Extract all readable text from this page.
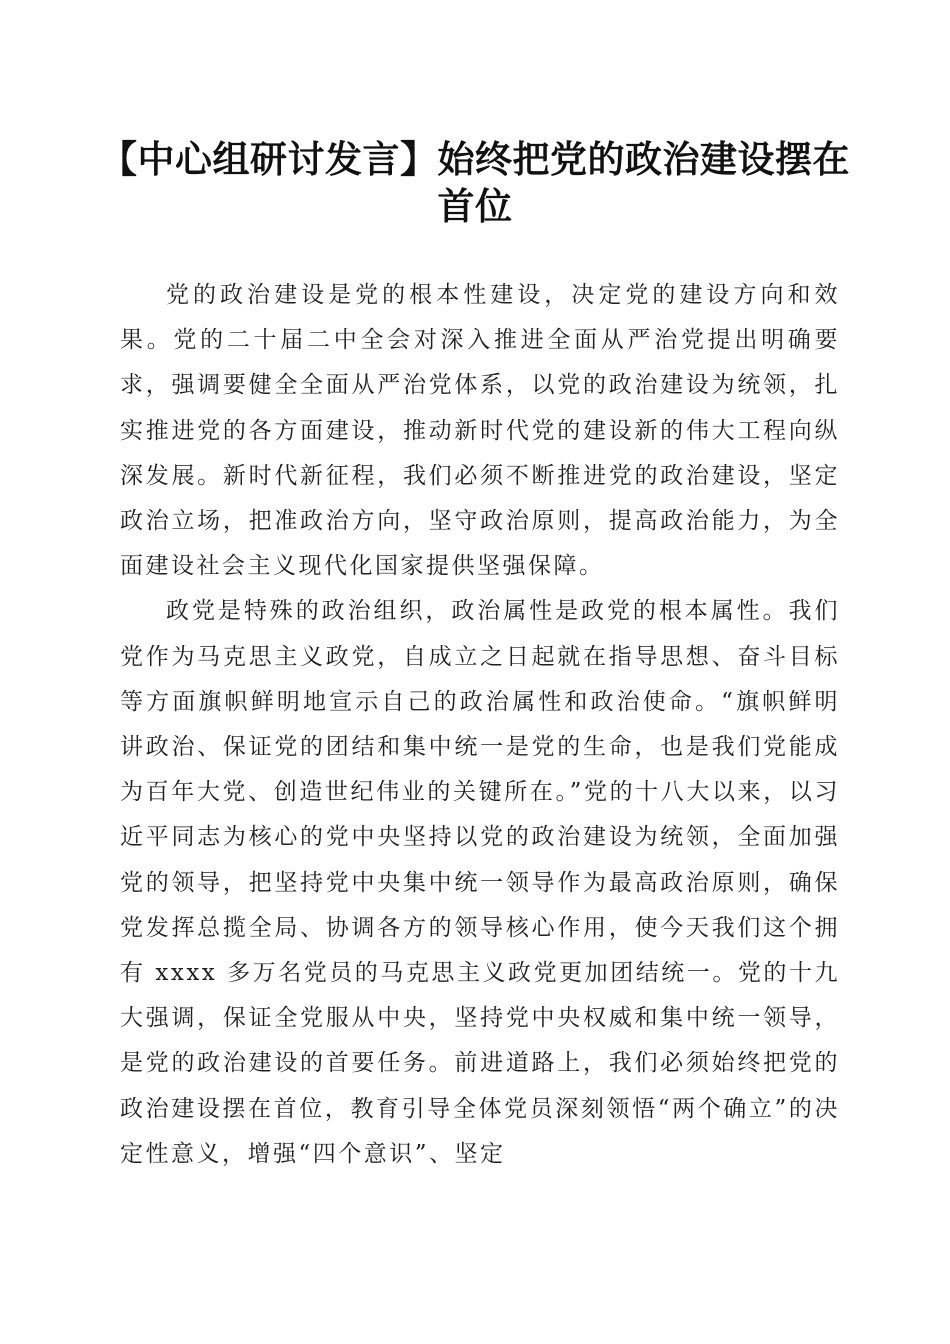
【中心组研讨发言】始终把党的政治建设摆在首位

党的政治建设是党的根本性建设，决定党的建设方向和效果。党的二十届二中全会对深入推进全面从严治党提出明确要求，强调要健全全面从严治党体系，以党的政治建设为统领，扎实推进党的各方面建设，推动新时代党的建设新的伟大工程向纵深发展。新时代新征程，我们必须不断推进党的政治建设，坚定政治立场，把准政治方向，坚守政治原则，提高政治能力，为全面建设社会主义现代化国家提供坚强保障。

政党是特殊的政治组织，政治属性是政党的根本属性。我们党作为马克思主义政党，自成立之日起就在指导思想、奋斗目标等方面旗帜鲜明地宣示自己的政治属性和政治使命。“旗帜鲜明讲政治、保证党的团结和集中统一是党的生命，也是我们党能成为百年大党、创造世纪伟业的关键所在。”党的十八大以来，以习近平同志为核心的党中央坚持以党的政治建设为统领，全面加强党的领导，把坚持党中央集中统一领导作为最高政治原则，确保党发挥总揽全局、协调各方的领导核心作用，使今天我们这个拥有 xxxx 多万名党员的马克思主义政党更加团结统一。党的十九大强调，保证全党服从中央，坚持党中央权威和集中统一领导，是党的政治建设的首要任务。前进道路上，我们必须始终把党的政治建设摆在首位，教育引导全体党员深刻领悟“两个确立”的决定性意义，增强“四个意识”、坚定
